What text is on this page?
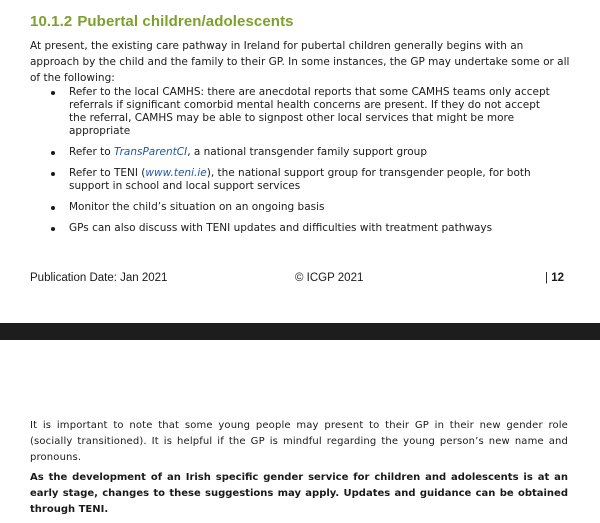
10.1.2 Pubertal children/adolescents

At present, the existing care pathway in Ireland for pubertal children generally begins with an approach by the child and the family to their GP. In some instances, the GP may undertake some or all of the following:

Refer to the local CAMHS: there are anecdotal reports that some CAMHS teams only accept referrals if significant comorbid mental health concerns are present. If they do not accept the referral, CAMHS may be able to signpost other local services that might be more appropriate
Refer to TransParentCI, a national transgender family support group
Refer to TENI (www.teni.ie), the national support group for transgender people, for both support in school and local support services
Monitor the child’s situation on an ongoing basis
GPs can also discuss with TENI updates and difficulties with treatment pathways
Publication Date: Jan 2021	© ICGP 2021	| 12

It is important to note that some young people may present to their GP in their new gender role (socially transitioned). It is helpful if the GP is mindful regarding the young person’s new name and pronouns.

As the development of an Irish specific gender service for children and adolescents is at an early stage, changes to these suggestions may apply. Updates and guidance can be obtained through TENI.
